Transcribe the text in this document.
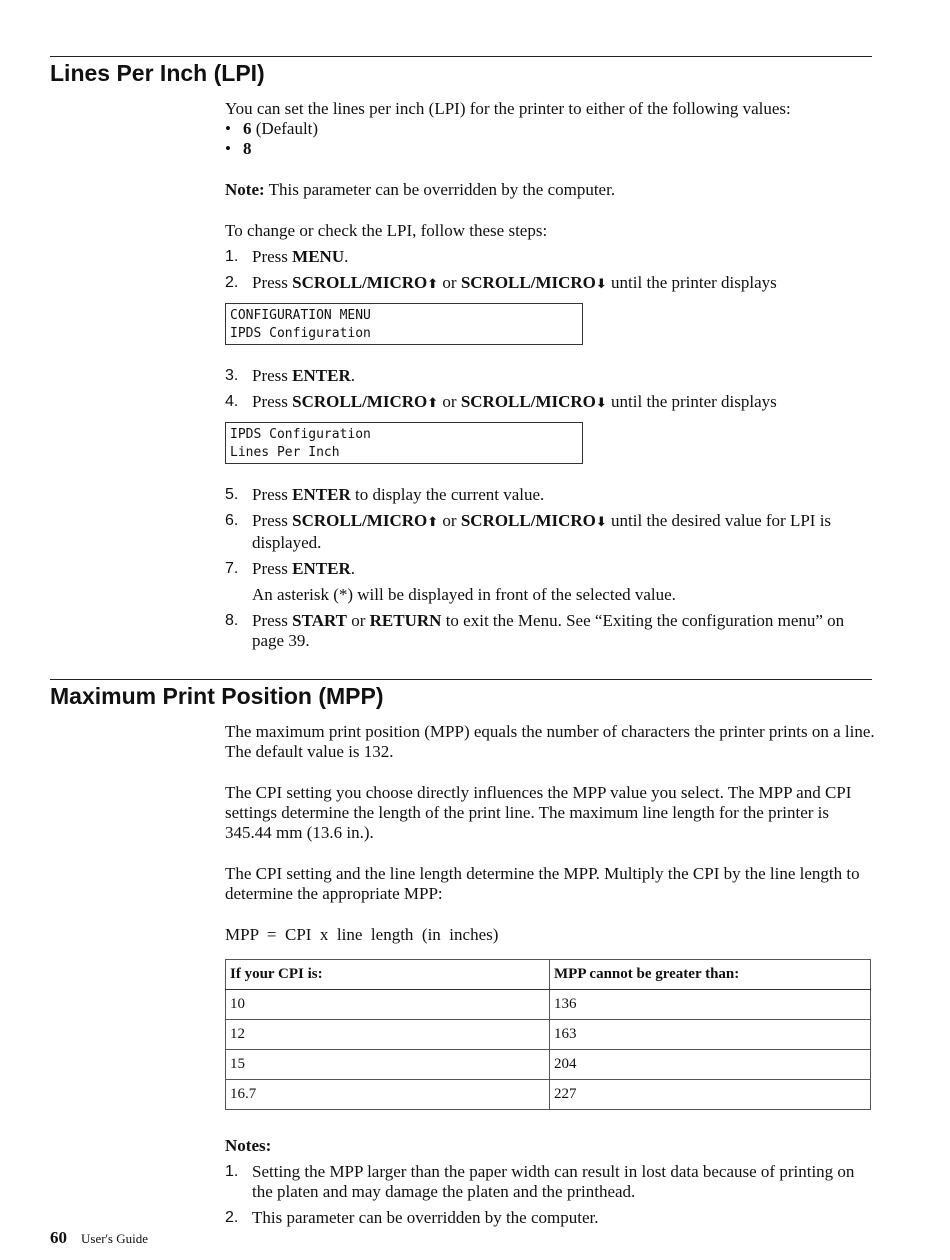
Lines Per Inch (LPI)

You can set the lines per inch (LPI) for the printer to either of the following values:

• 6 (Default)
• 8

Note: This parameter can be overridden by the computer.

To change or check the LPI, follow these steps:

1. Press MENU.
2. Press SCROLL/MICRO⬆ or SCROLL/MICRO⬇ until the printer displays
CONFIGURATION MENU
IPDS Configuration
3. Press ENTER.
4. Press SCROLL/MICRO⬆ or SCROLL/MICRO⬇ until the printer displays
IPDS Configuration
Lines Per Inch
5. Press ENTER to display the current value.
6. Press SCROLL/MICRO⬆ or SCROLL/MICRO⬇ until the desired value for LPI is displayed.
7. Press ENTER.
An asterisk (*) will be displayed in front of the selected value.
8. Press START or RETURN to exit the Menu. See “Exiting the configuration menu” on page 39.
Maximum Print Position (MPP)

The maximum print position (MPP) equals the number of characters the printer prints on a line. The default value is 132.

The CPI setting you choose directly influences the MPP value you select. The MPP and CPI settings determine the length of the print line. The maximum line length for the printer is 345.44 mm (13.6 in.).

The CPI setting and the line length determine the MPP. Multiply the CPI by the line length to determine the appropriate MPP:

MPP  =  CPI  x  line  length  (in  inches)

If your CPI is:	MPP cannot be greater than:
10	136
12	163
15	204
16.7	227

Notes:

1. Setting the MPP larger than the paper width can result in lost data because of printing on the platen and may damage the platen and the printhead.
2. This parameter can be overridden by the computer.
60 User's Guide
